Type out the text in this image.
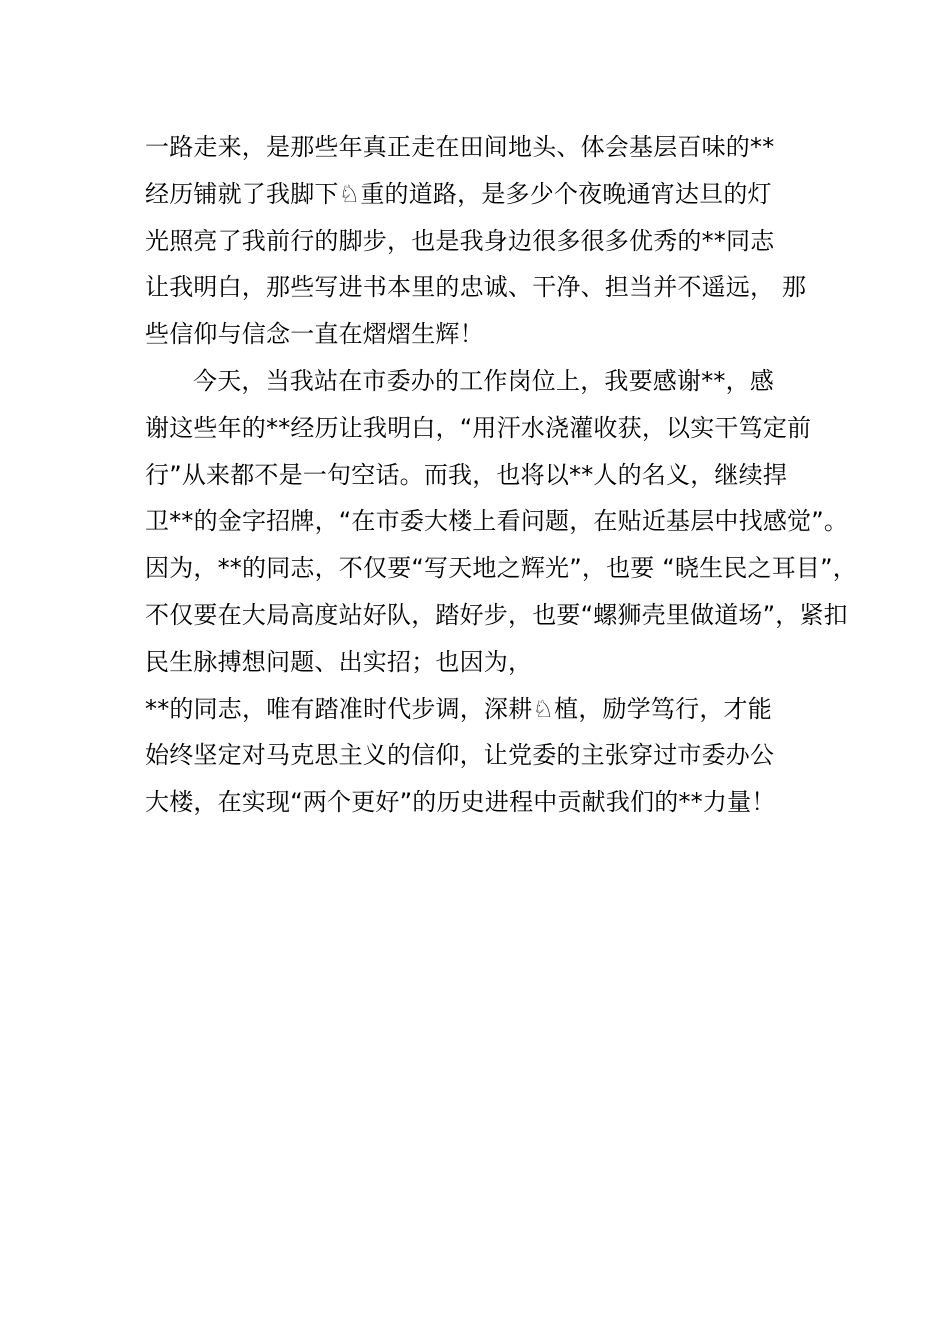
一路走来，是那些年真正走在田间地头、体会基层百味的**
经历铺就了我脚下♘重的道路，是多少个夜晚通宵达旦的灯
光照亮了我前行的脚步，也是我身边很多很多优秀的**同志
让我明白，那些写进书本里的忠诚、干净、担当并不遥远， 那
些信仰与信念一直在熠熠生辉！
今天，当我站在市委办的工作岗位上，我要感谢**，感
谢这些年的**经历让我明白，“用汗水浇灌收获，以实干笃定前
行”从来都不是一句空话。而我，也将以**人的名义，继续捍
卫**的金字招牌，“在市委大楼上看问题，在贴近基层中找感觉”。
因为，**的同志，不仅要“写天地之辉光”，也要 “晓生民之耳目”，
不仅要在大局高度站好队，踏好步，也要“螺狮壳里做道场”，紧扣
民生脉搏想问题、出实招；也因为，
**的同志，唯有踏准时代步调，深耕♘植，励学笃行，才能
始终坚定对马克思主义的信仰，让党委的主张穿过市委办公
大楼，在实现“两个更好”的历史进程中贡献我们的**力量！
